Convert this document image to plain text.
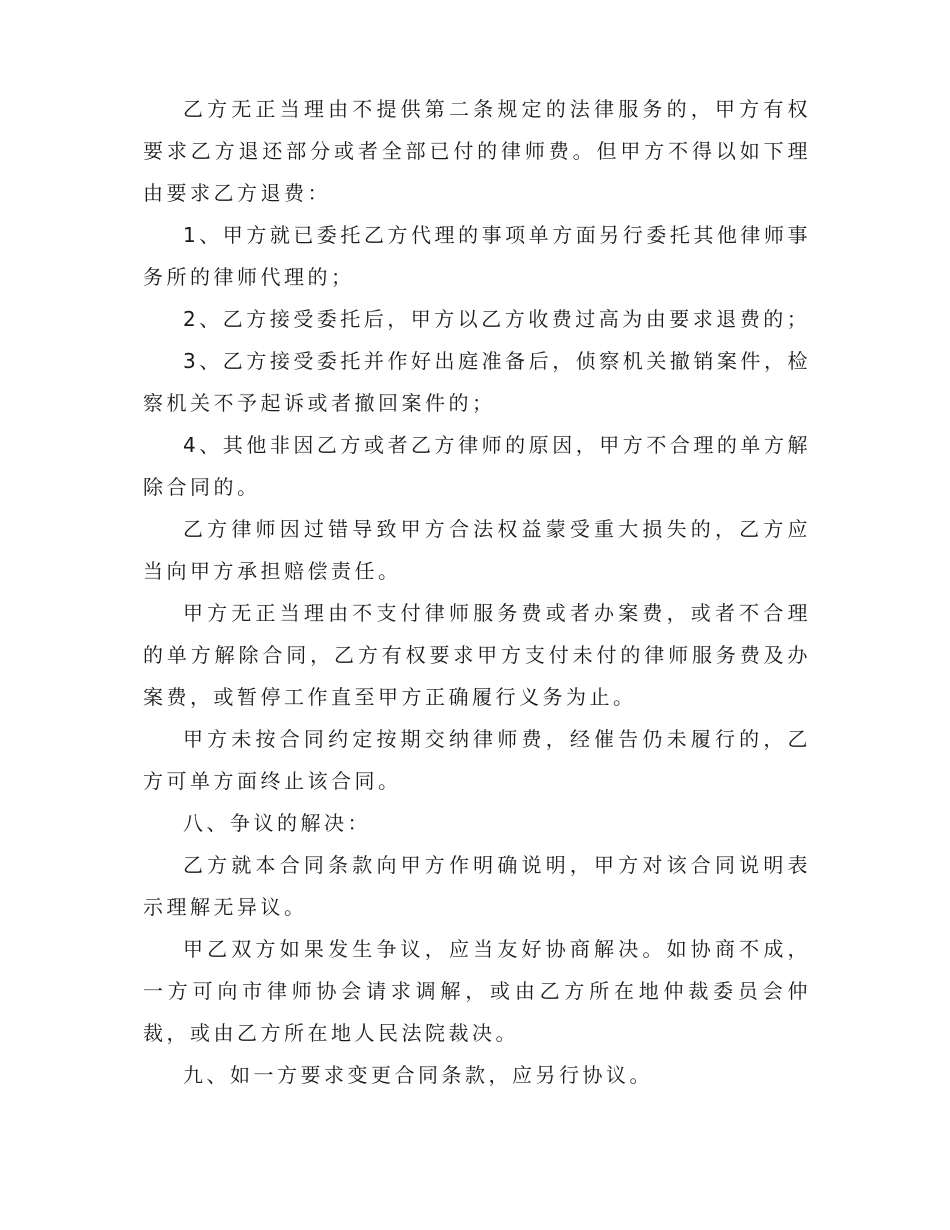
乙方无正当理由不提供第二条规定的法律服务的，甲方有权要求乙方退还部分或者全部已付的律师费。但甲方不得以如下理由要求乙方退费：

1、甲方就已委托乙方代理的事项单方面另行委托其他律师事务所的律师代理的；

2、乙方接受委托后，甲方以乙方收费过高为由要求退费的；

3、乙方接受委托并作好出庭准备后，侦察机关撤销案件，检察机关不予起诉或者撤回案件的；

4、其他非因乙方或者乙方律师的原因，甲方不合理的单方解除合同的。

乙方律师因过错导致甲方合法权益蒙受重大损失的，乙方应当向甲方承担赔偿责任。

甲方无正当理由不支付律师服务费或者办案费，或者不合理的单方解除合同，乙方有权要求甲方支付未付的律师服务费及办案费，或暂停工作直至甲方正确履行义务为止。

甲方未按合同约定按期交纳律师费，经催告仍未履行的，乙方可单方面终止该合同。

八、争议的解决：

乙方就本合同条款向甲方作明确说明，甲方对该合同说明表示理解无异议。

甲乙双方如果发生争议，应当友好协商解决。如协商不成，一方可向市律师协会请求调解，或由乙方所在地仲裁委员会仲裁，或由乙方所在地人民法院裁决。

九、如一方要求变更合同条款，应另行协议。
